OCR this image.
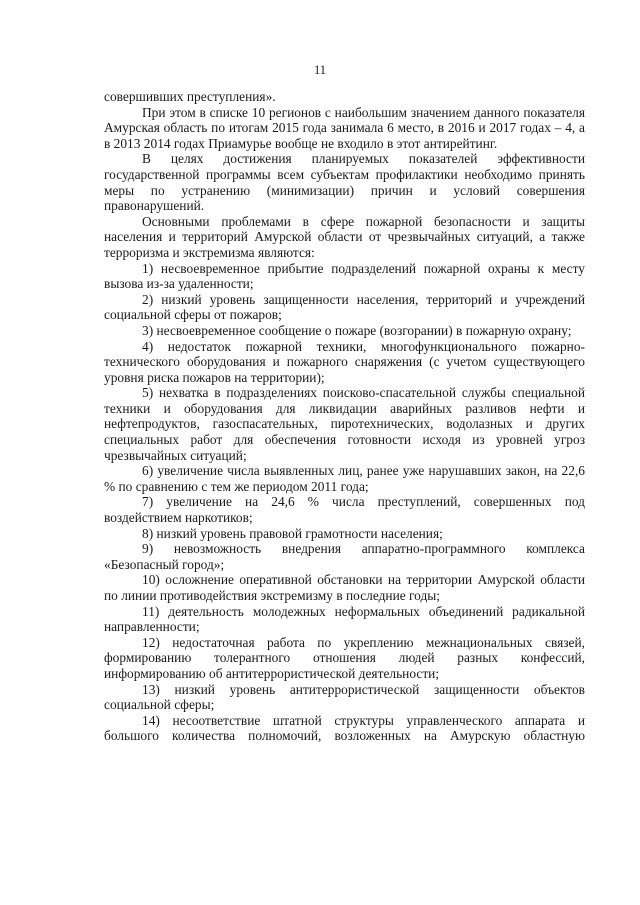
11

совершивших преступления».

При этом в списке 10 регионов с наибольшим значением данного показателя Амурская область по итогам 2015 года занимала 6 место, в 2016 и 2017 годах – 4, а в 2013 2014 годах Приамурье вообще не входило в этот антирейтинг.

В целях достижения планируемых показателей эффективности государственной программы всем субъектам профилактики необходимо принять меры по устранению (минимизации) причин и условий совершения правонарушений.

Основными проблемами в сфере пожарной безопасности и защиты населения и территорий Амурской области от чрезвычайных ситуаций, а также терроризма и экстремизма являются:

1) несвоевременное прибытие подразделений пожарной охраны к месту вызова из-за удаленности;

2) низкий уровень защищенности населения, территорий и учреждений социальной сферы от пожаров;

3) несвоевременное сообщение о пожаре (возгорании) в пожарную охрану;

4) недостаток пожарной техники, многофункционального пожарно-технического оборудования и пожарного снаряжения (с учетом существующего уровня риска пожаров на территории);

5) нехватка в подразделениях поисково-спасательной службы специальной техники и оборудования для ликвидации аварийных разливов нефти и нефтепродуктов, газоспасательных, пиротехнических, водолазных и других специальных работ для обеспечения готовности исходя из уровней угроз чрезвычайных ситуаций;

6) увеличение числа выявленных лиц, ранее уже нарушавших закон, на 22,6 % по сравнению с тем же периодом 2011 года;

7) увеличение на 24,6 % числа преступлений, совершенных под воздействием наркотиков;

8) низкий уровень правовой грамотности населения;

9) невозможность внедрения аппаратно-программного комплекса «Безопасный город»;

10) осложнение оперативной обстановки на территории Амурской области по линии противодействия экстремизму в последние годы;

11) деятельность молодежных неформальных объединений радикальной направленности;

12) недостаточная работа по укреплению межнациональных связей, формированию толерантного отношения людей разных конфессий, информированию об антитеррористической деятельности;

13) низкий уровень антитеррористической защищенности объектов социальной сферы;

14) несоответствие штатной структуры управленческого аппарата и большого количества полномочий, возложенных на Амурскую областную
